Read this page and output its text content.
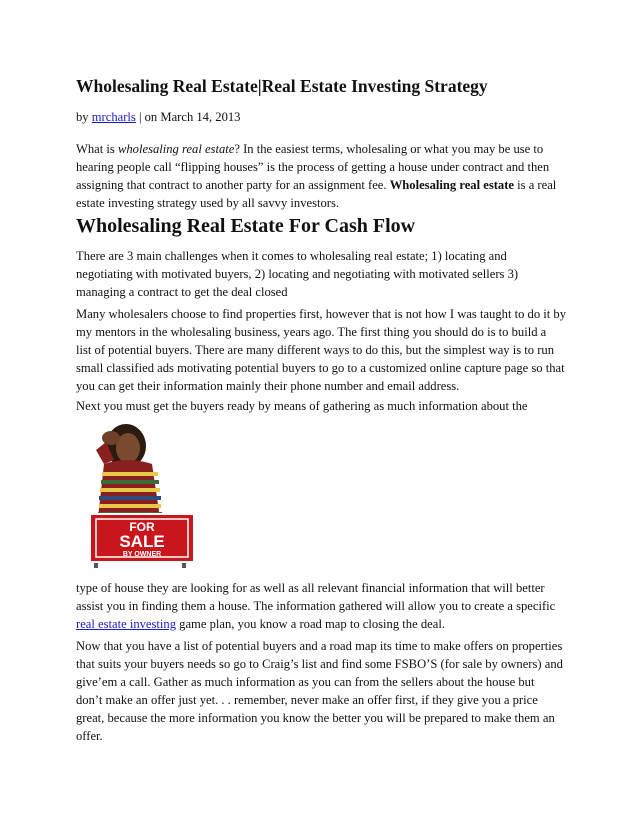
Wholesaling Real Estate|Real Estate Investing Strategy

by mrcharls | on March 14, 2013

What is wholesaling real estate? In the easiest terms, wholesaling or what you may be use to
hearing people call “flipping houses” is the process of getting a house under contract and then
assigning that contract to another party for an assignment fee. Wholesaling real estate is a real
estate investing strategy used by all savvy investors.

Wholesaling Real Estate For Cash Flow

There are 3 main challenges when it comes to wholesaling real estate; 1) locating and
negotiating with motivated buyers, 2) locating and negotiating with motivated sellers 3)
managing a contract to get the deal closed

Many wholesalers choose to find properties first, however that is not how I was taught to do it by
my mentors in the wholesaling business, years ago. The first thing you should do is to build a
list of potential buyers. There are many different ways to do this, but the simplest way is to run
small classified ads motivating potential buyers to go to a customized online capture page so that
you can get their information mainly their phone number and email address.

Next you must get the buyers ready by means of gathering as much information about the

FOR
SALE
BY OWNER

type of house they are looking for as well as all relevant financial information that will better
assist you in finding them a house. The information gathered will allow you to create a specific
real estate investing game plan, you know a road map to closing the deal.

Now that you have a list of potential buyers and a road map its time to make offers on properties
that suits your buyers needs so go to Craig’s list and find some FSBO’S (for sale by owners) and
give’em a call. Gather as much information as you can from the sellers about the house but
don’t make an offer just yet. . . remember, never make an offer first, if they give you a price
great, because the more information you know the better you will be prepared to make them an
offer.
